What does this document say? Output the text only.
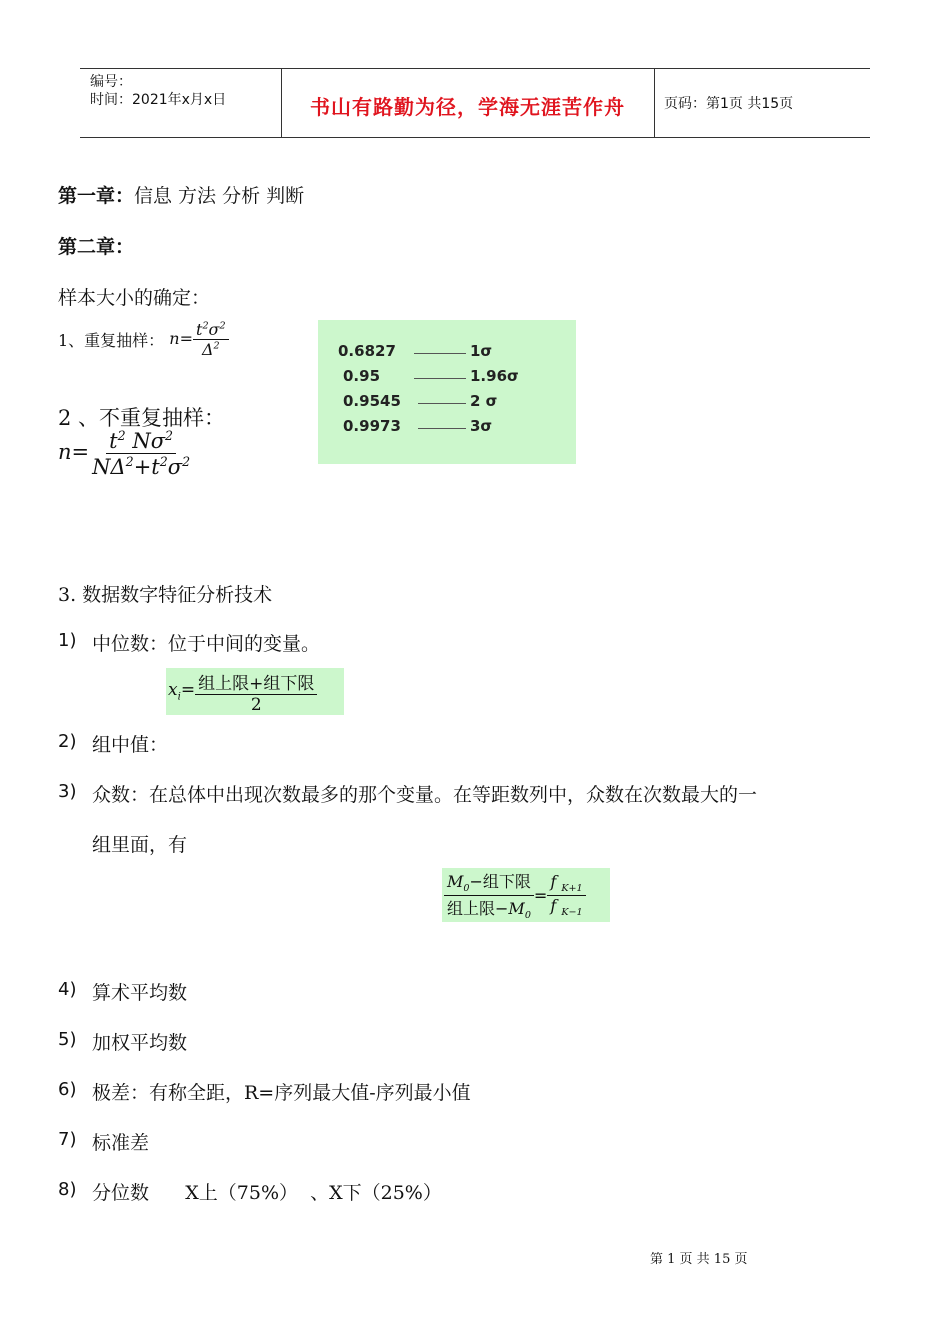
编号：
时间：2021年x月x日	书山有路勤为径，学海无涯苦作舟	页码：第1页 共15页
第一章：信息 方法 分析 判断
第二章：
样本大小的确定：
1、重复抽样： $n= \frac{t^2\sigma^2}{\Delta^2}$
2 、不重复抽样：
$n= \frac{t^2 N\sigma^2}{N\Delta^2+t^2\sigma^2}$
0.6827	1σ
0.95	1.96σ
0.9545	2 σ
0.9973	3σ
3. 数据数字特征分析技术
1) 中位数：位于中间的变量。
$x_i= \frac{\text{组上限+组下限}}{2}$
2) 组中值：
3) 众数：在总体中出现次数最多的那个变量。在等距数列中，众数在次数最大的一
组里面，有
$\frac{M_0-组下限}{组上限-M_0} = \frac{f _{K+1}}{f _{K-1}}$
4) 算术平均数
5) 加权平均数
6) 极差：有称全距，R=序列最大值-序列最小值
7) 标准差
8) 分位数      X上（75%）  、X下（25%）
第 1 页 共 15 页
